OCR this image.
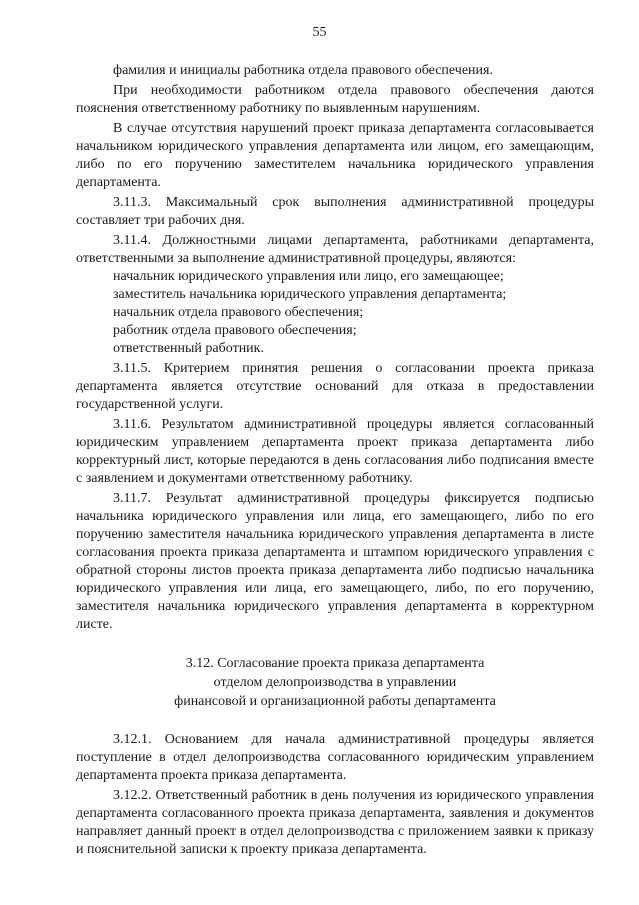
55

фамилия и инициалы работника отдела правового обеспечения.

При необходимости работником отдела правового обеспечения даются пояснения ответственному работнику по выявленным нарушениям.

В случае отсутствия нарушений проект приказа департамента согласовывается начальником юридического управления департамента или лицом, его замещающим, либо по его поручению заместителем начальника юридического управления департамента.

3.11.3. Максимальный срок выполнения административной процедуры составляет три рабочих дня.

3.11.4. Должностными лицами департамента, работниками департамента, ответственными за выполнение административной процедуры, являются:

начальник юридического управления или лицо, его замещающее;

заместитель начальника юридического управления департамента;

начальник отдела правового обеспечения;

работник отдела правового обеспечения;

ответственный работник.

3.11.5. Критерием принятия решения о согласовании проекта приказа департамента является отсутствие оснований для отказа в предоставлении государственной услуги.

3.11.6. Результатом административной процедуры является согласованный юридическим управлением департамента проект приказа департамента либо корректурный лист, которые передаются в день согласования либо подписания вместе с заявлением и документами ответственному работнику.

3.11.7. Результат административной процедуры фиксируется подписью начальника юридического управления или лица, его замещающего, либо по его поручению заместителя начальника юридического управления департамента в листе согласования проекта приказа департамента и штампом юридического управления с обратной стороны листов проекта приказа департамента либо подписью начальника юридического управления или лица, его замещающего, либо, по его поручению, заместителя начальника юридического управления департамента в корректурном листе.

3.12. Согласование проекта приказа департамента
отделом делопроизводства в управлении
финансовой и организационной работы департамента

3.12.1. Основанием для начала административной процедуры является поступление в отдел делопроизводства согласованного юридическим управлением департамента проекта приказа департамента.

3.12.2. Ответственный работник в день получения из юридического управления департамента согласованного проекта приказа департамента, заявления и документов направляет данный проект в отдел делопроизводства с приложением заявки к приказу и пояснительной записки к проекту приказа департамента.
